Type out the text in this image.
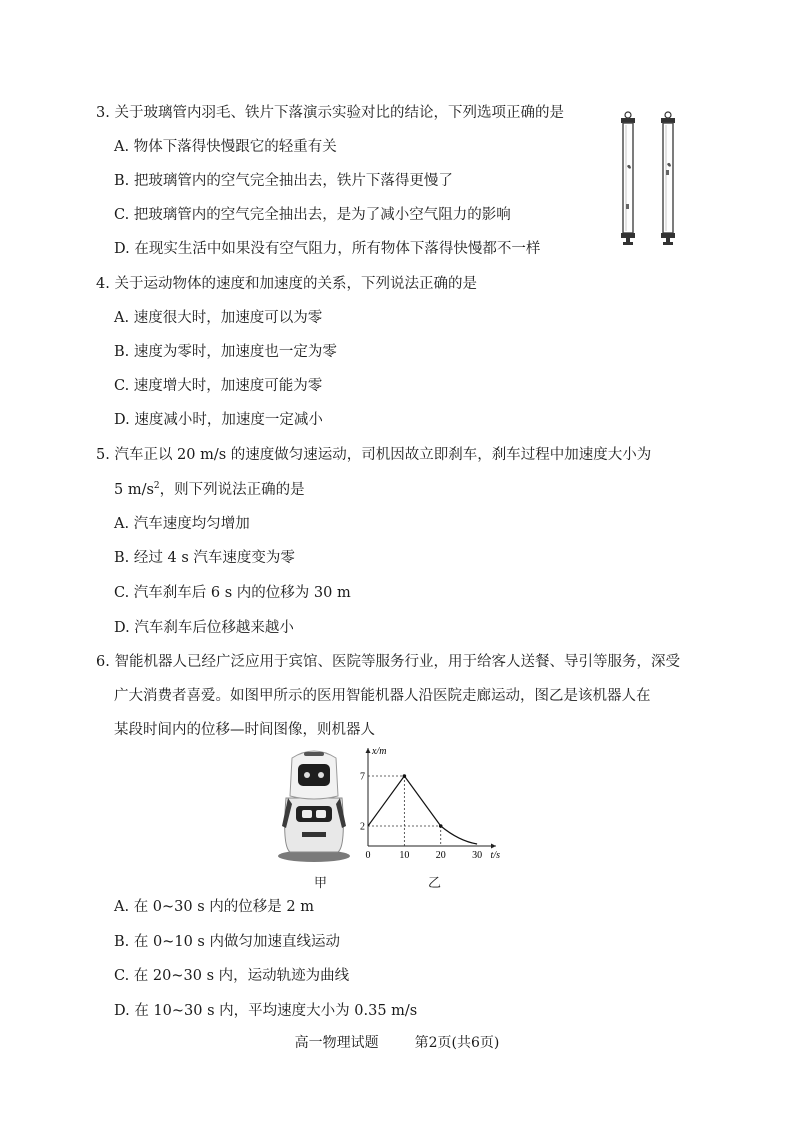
3. 关于玻璃管内羽毛、铁片下落演示实验对比的结论，下列选项正确的是
A. 物体下落得快慢跟它的轻重有关
B. 把玻璃管内的空气完全抽出去，铁片下落得更慢了
C. 把玻璃管内的空气完全抽出去，是为了减小空气阻力的影响
D. 在现实生活中如果没有空气阻力，所有物体下落得快慢都不一样
4. 关于运动物体的速度和加速度的关系，下列说法正确的是
A. 速度很大时，加速度可以为零
B. 速度为零时，加速度也一定为零
C. 速度增大时，加速度可能为零
D. 速度减小时，加速度一定减小
5. 汽车正以 20 m/s 的速度做匀速运动，司机因故立即刹车，刹车过程中加速度大小为
5 $m/s^2$，则下列说法正确的是
A. 汽车速度均匀增加
B. 经过 4 s 汽车速度变为零
C. 汽车刹车后 6 s 内的位移为 30 m
D. 汽车刹车后位移越来越小
6. 智能机器人已经广泛应用于宾馆、医院等服务行业，用于给客人送餐、导引等服务，深受
广大消费者喜爱。如图甲所示的医用智能机器人沿医院走廊运动，图乙是该机器人在
某段时间内的位移—时间图像，则机器人
0	10	20	30
2
7
t/s
x/m
甲	乙
A. 在 0~30 s 内的位移是 2 m
B. 在 0~10 s 内做匀加速直线运动
C. 在 20~30 s 内，运动轨迹为曲线
D. 在 10~30 s 内，平均速度大小为 0.35 m/s
高一物理试题	第2页(共6页)
